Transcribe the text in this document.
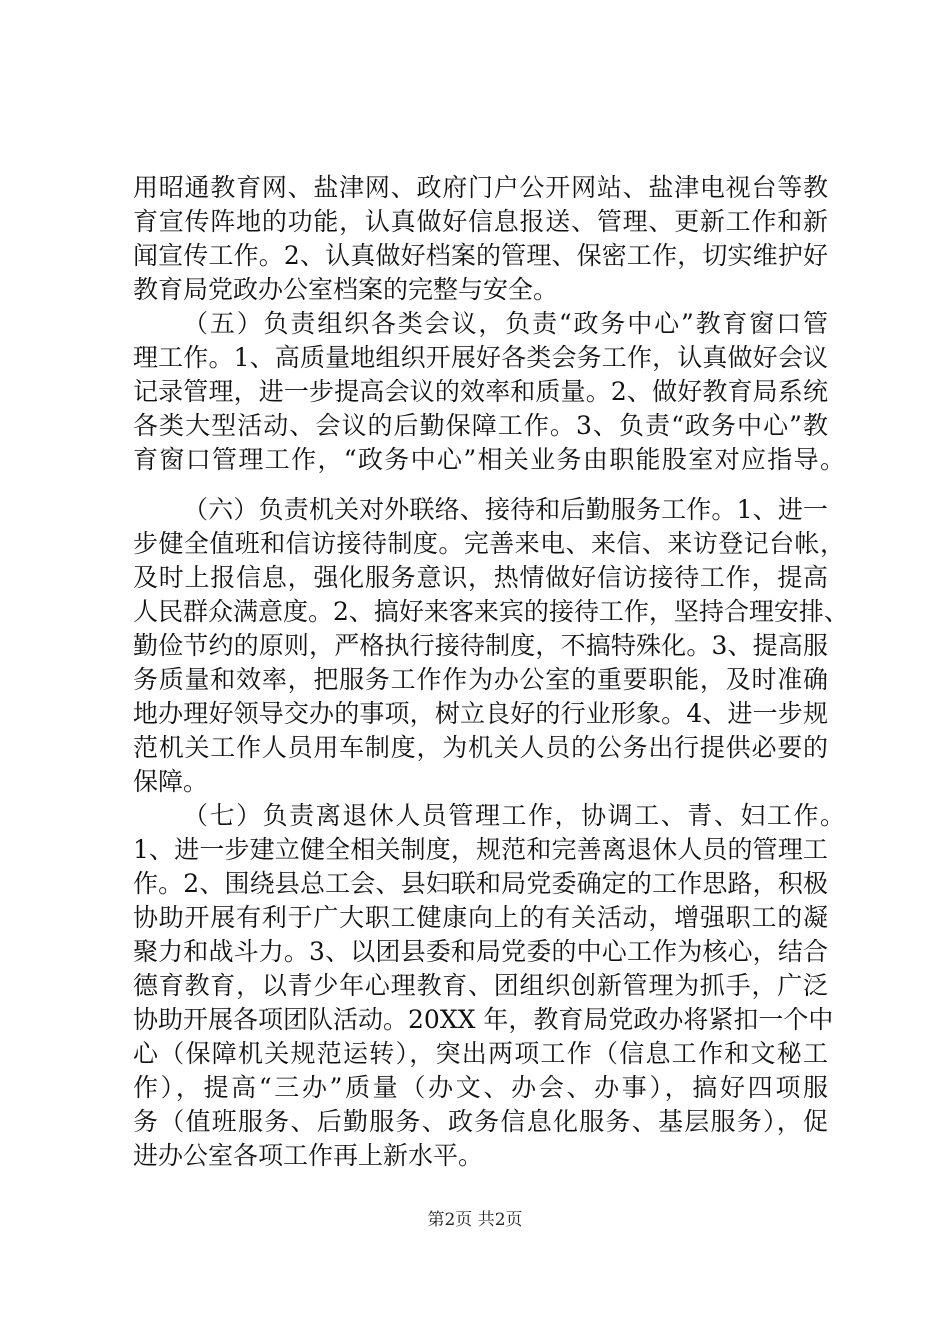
用昭通教育网、盐津网、政府门户公开网站、盐津电视台等教
育宣传阵地的功能，认真做好信息报送、管理、更新工作和新
闻宣传工作。2、认真做好档案的管理、保密工作，切实维护好
教育局党政办公室档案的完整与安全。
（五）负责组织各类会议，负责“政务中心”教育窗口管
理工作。1、高质量地组织开展好各类会务工作，认真做好会议
记录管理，进一步提高会议的效率和质量。2、做好教育局系统
各类大型活动、会议的后勤保障工作。3、负责“政务中心”教
育窗口管理工作，“政务中心”相关业务由职能股室对应指导。
（六）负责机关对外联络、接待和后勤服务工作。1、进一
步健全值班和信访接待制度。完善来电、来信、来访登记台帐，
及时上报信息，强化服务意识，热情做好信访接待工作，提高
人民群众满意度。2、搞好来客来宾的接待工作，坚持合理安排、
勤俭节约的原则，严格执行接待制度，不搞特殊化。3、提高服
务质量和效率，把服务工作作为办公室的重要职能，及时准确
地办理好领导交办的事项，树立良好的行业形象。4、进一步规
范机关工作人员用车制度，为机关人员的公务出行提供必要的
保障。
（七）负责离退休人员管理工作，协调工、青、妇工作。
1、进一步建立健全相关制度，规范和完善离退休人员的管理工
作。2、围绕县总工会、县妇联和局党委确定的工作思路，积极
协助开展有利于广大职工健康向上的有关活动，增强职工的凝
聚力和战斗力。3、以团县委和局党委的中心工作为核心，结合
德育教育，以青少年心理教育、团组织创新管理为抓手，广泛
协助开展各项团队活动。20XX 年，教育局党政办将紧扣一个中
心（保障机关规范运转），突出两项工作（信息工作和文秘工
作），提高“三办”质量（办文、办会、办事），搞好四项服
务（值班服务、后勤服务、政务信息化服务、基层服务），促
进办公室各项工作再上新水平。
第2页 共2页
